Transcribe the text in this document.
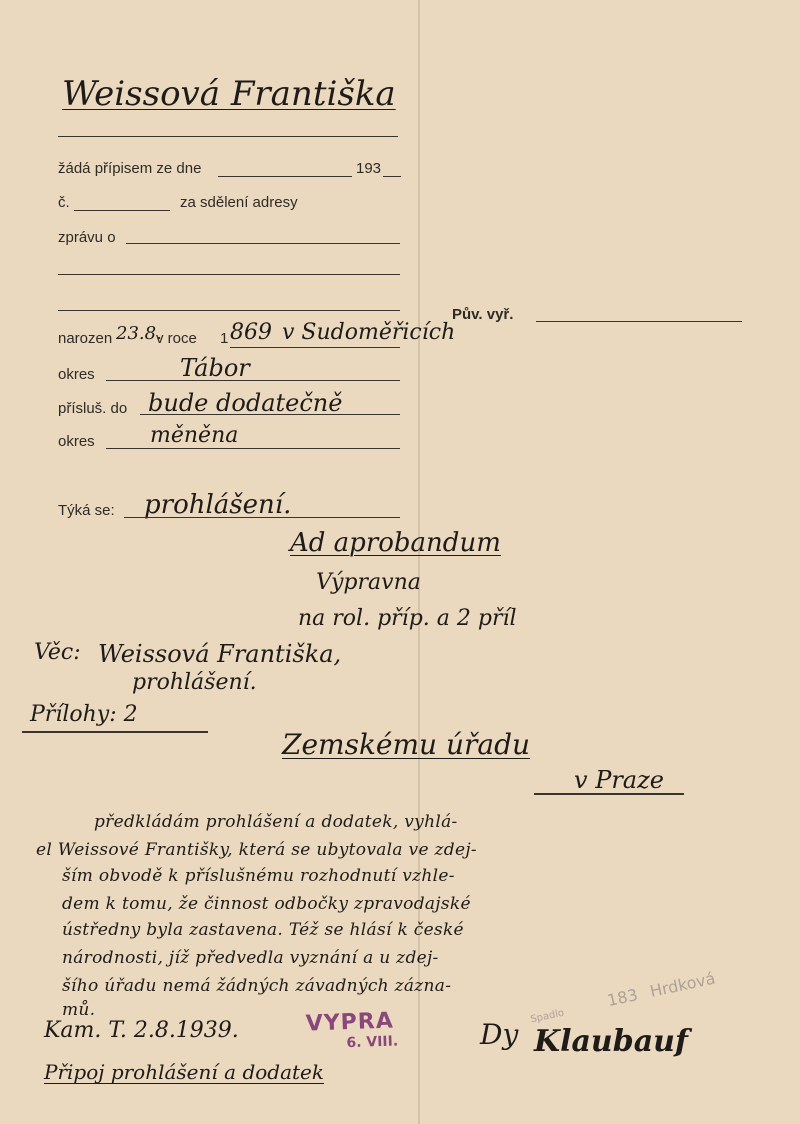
Weissová Františka
žádá přípisem ze dne	193
č.	za sdělení adresy
zprávu o
Pův. vyř.
narozen 23.8.
v roce 1 869 v Sudoměřicích
okres	Tábor
přísluš. do bude dodatečně
okres	měněna
Týká se: prohlášení.
Ad aprobandum
Výpravna
na rol. příp. a 2 příl
Věc: Weissová Františka,
prohlášení.
Přílohy: 2
Zemskému úřadu
v Praze
předkládám prohlášení a dodatek, vyhlá-
el Weissové Františky, která se ubytovala ve zdej-
ším obvodě k příslušnému rozhodnutí vzhle-
dem k tomu, že činnost odbočky zpravodajské
ústředny byla zastavena. Též se hlásí k české
národnosti, jíž předvedla vyznání a u zdej-
šího úřadu nemá žádných závadných zázna-
mů.
Kam. T. 2.8.1939.
Připoj prohlášení a dodatek
VYPRA
6. VIII.
Spadlo 183 Hrdková
Dy Klaubauf
